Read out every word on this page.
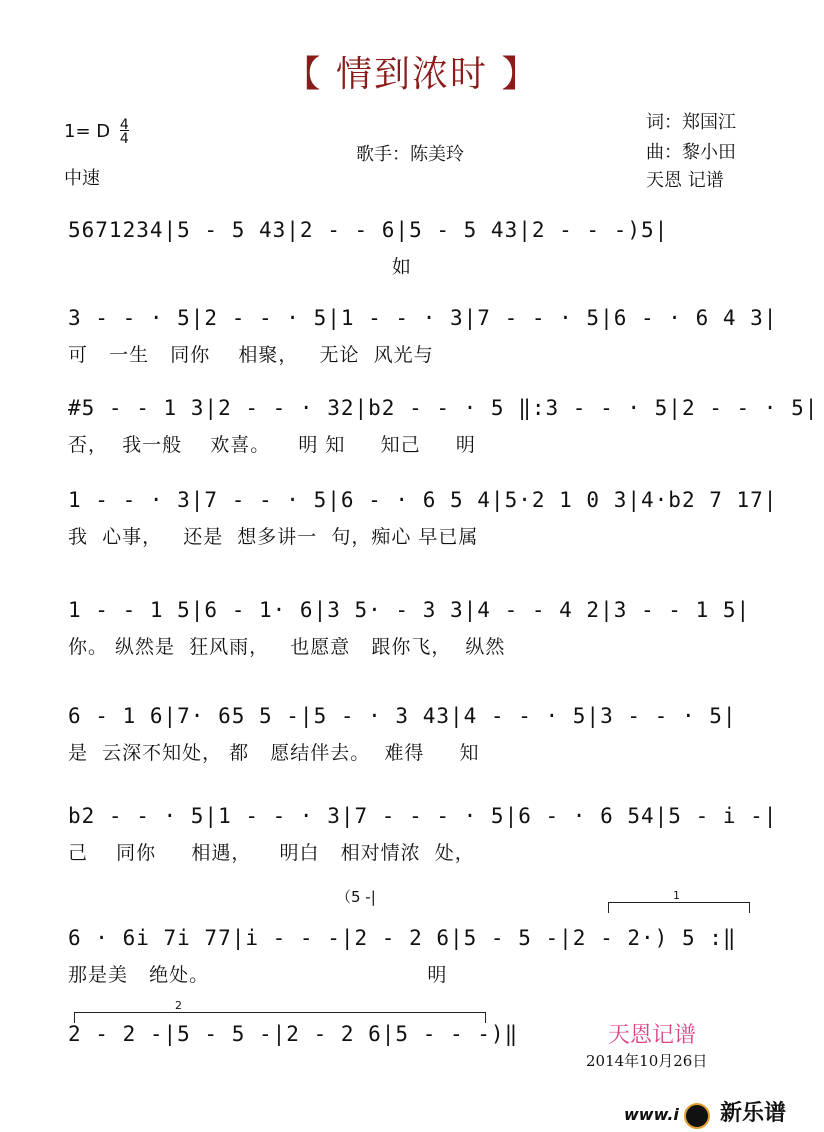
【 情到浓时 】
1= D $\frac{4}{4}$
中速
歌手：陈美玲
词：郑国江
曲：黎小田
天恩 记谱
5671234|5 - 5 43|2 - - 6|5 - 5 43|2 - - -)5|
如
3 - - · 5|2 - - · 5|1 - - · 3|7 - - · 5|6 - · 6 4 3|
可   一生   同你    相聚，   无论  风光与
#5 - - 1 3|2 - - · 32|b2 - - · 5 ‖:3 - - · 5|2 - - · 5|
否，  我一般    欢喜。    明 知     知己     明
1 - - · 3|7 - - · 5|6 - · 6 5 4|5·2 1 0 3|4·b2 7 17|
我  心事，   还是  想多讲一  句，痴心 早已属
1 - - 1 5|6 - 1· 6|3 5· - 3 3|4 - - 4 2|3 - - 1 5|
你。 纵然是  狂风雨，   也愿意   跟你飞，  纵然
6 - 1 6|7· 65 5 -|5 - · 3 43|4 - - · 5|3 - - · 5|
是  云深不知处， 都   愿结伴去。  难得     知
b2 - - · 5|1 - - · 3|7 - - - · 5|6 - · 6 54|5 - i -|
己    同你     相遇，    明白   相对情浓  处，
（5 -|	1
6 · 6i 7i 77|i - - -|2 - 2 6|5 - 5 -|2 - 2·) 5 :‖
那是美   绝处。                               明
2
2 - 2 -|5 - 5 -|2 - 2 6|5 - - -)‖	天恩记谱
2014年10月26日
www.i 新乐谱
